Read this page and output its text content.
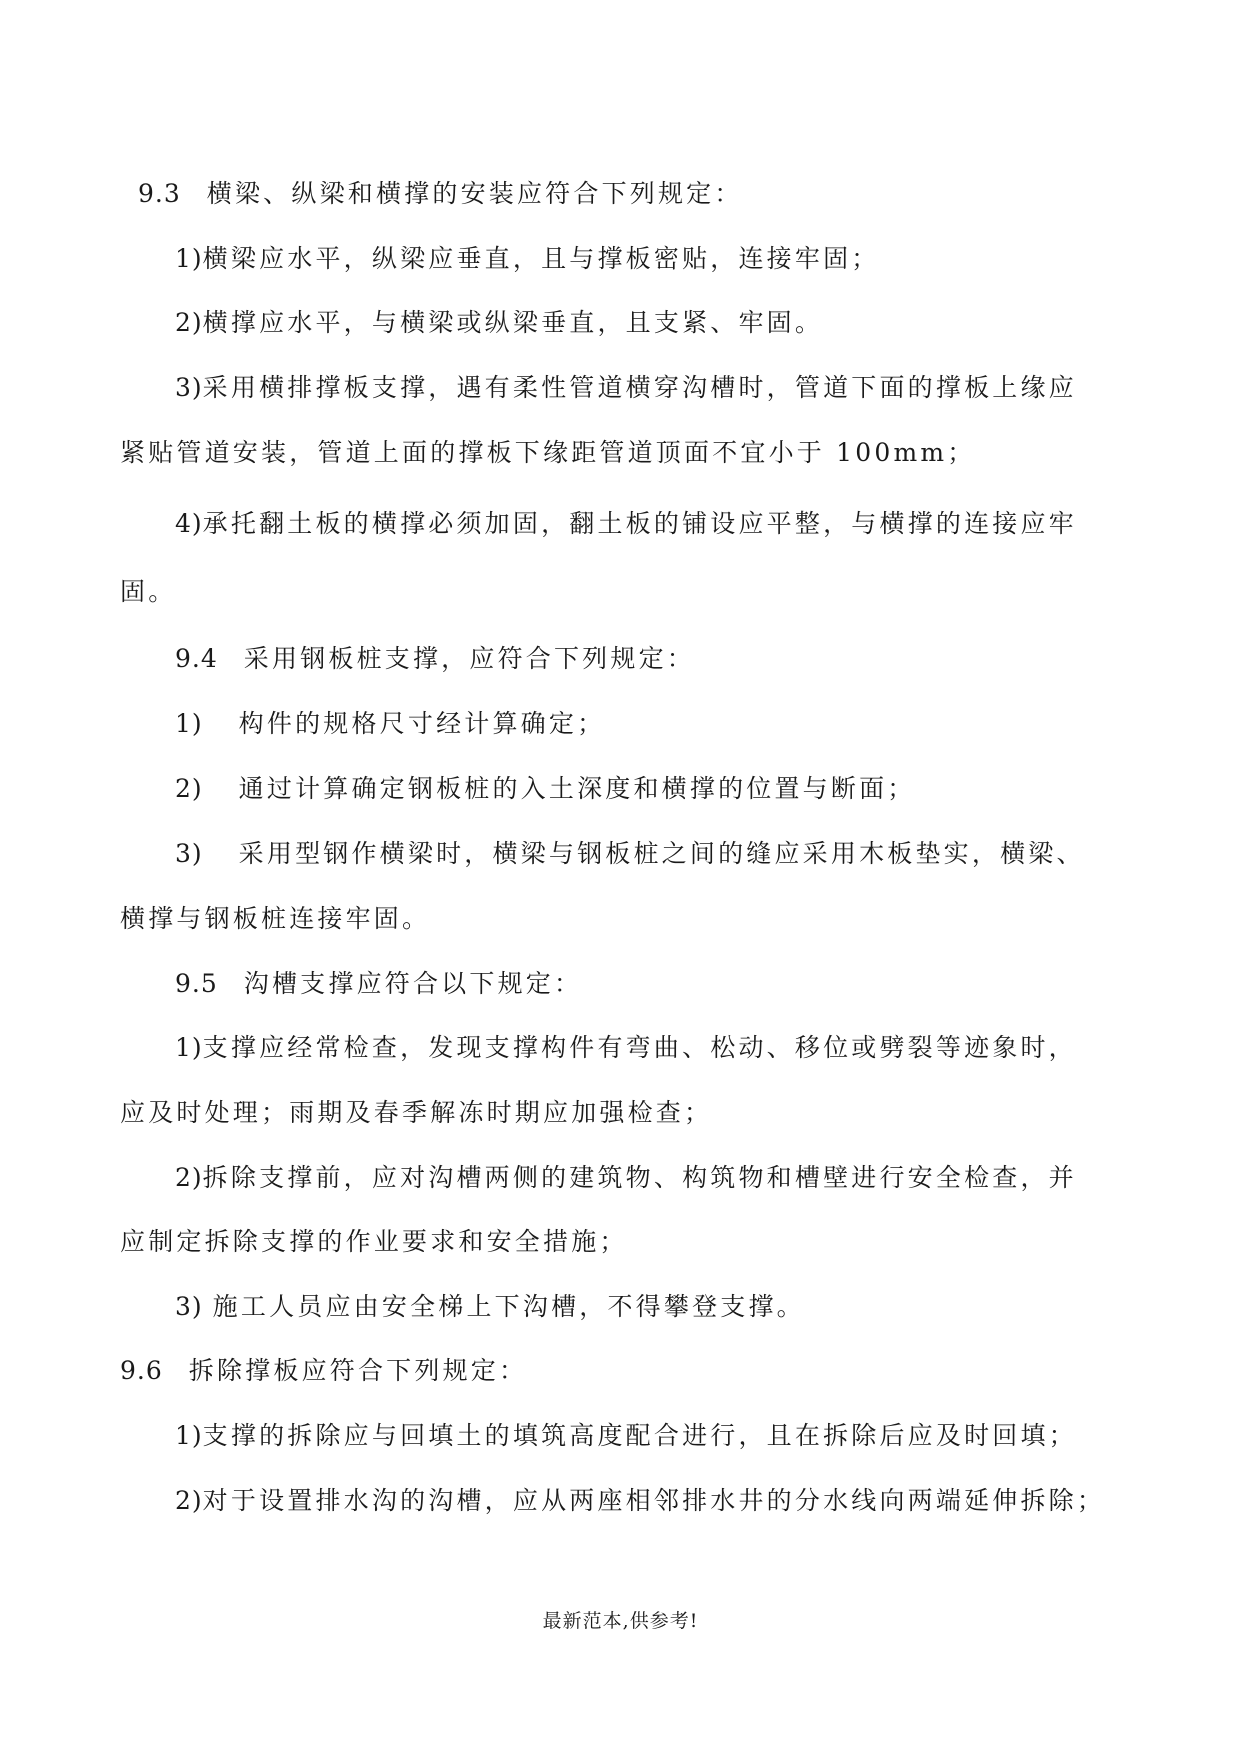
9.3 横梁、纵梁和横撑的安装应符合下列规定：
1)横梁应水平，纵梁应垂直，且与撑板密贴，连接牢固；
2)横撑应水平，与横梁或纵梁垂直，且支紧、牢固。
3)采用横排撑板支撑，遇有柔性管道横穿沟槽时，管道下面的撑板上缘应
紧贴管道安装，管道上面的撑板下缘距管道顶面不宜小于 100mm；
4)承托翻土板的横撑必须加固，翻土板的铺设应平整，与横撑的连接应牢
固。
9.4 采用钢板桩支撑，应符合下列规定：
1) 构件的规格尺寸经计算确定；
2) 通过计算确定钢板桩的入土深度和横撑的位置与断面；
3) 采用型钢作横梁时，横梁与钢板桩之间的缝应采用木板垫实，横梁、
横撑与钢板桩连接牢固。
9.5 沟槽支撑应符合以下规定：
1)支撑应经常检查，发现支撑构件有弯曲、松动、移位或劈裂等迹象时，
应及时处理；雨期及春季解冻时期应加强检查；
2)拆除支撑前，应对沟槽两侧的建筑物、构筑物和槽壁进行安全检查，并
应制定拆除支撑的作业要求和安全措施；
3) 施工人员应由安全梯上下沟槽，不得攀登支撑。
9.6 拆除撑板应符合下列规定：
1)支撑的拆除应与回填土的填筑高度配合进行，且在拆除后应及时回填；
2)对于设置排水沟的沟槽，应从两座相邻排水井的分水线向两端延伸拆除；
最新范本,供参考!
